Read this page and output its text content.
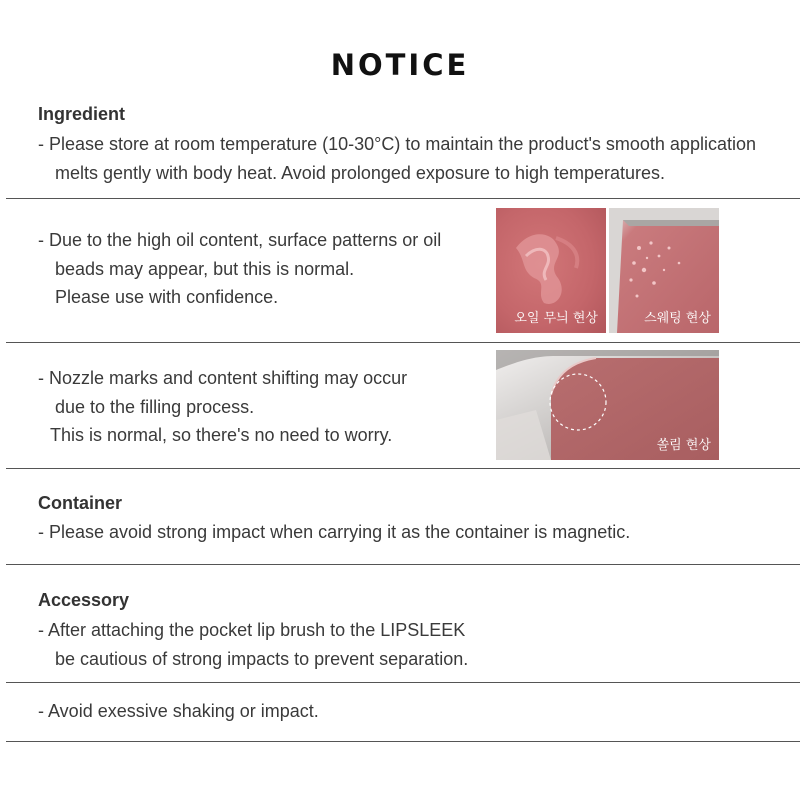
NOTICE
Ingredient
- Please store at room temperature (10-30°C) to maintain the product's smooth application
melts gently with body heat. Avoid prolonged exposure to high temperatures.
- Due to the high oil content, surface patterns or oil
beads may appear, but this is normal.
Please use with confidence.
오일 무늬 현상	스웨팅 현상
- Nozzle marks and content shifting may occur
due to the filling process.
This is normal, so there's no need to worry.
쏠림 현상
Container
- Please avoid strong impact when carrying it as the container is magnetic.
Accessory
- After attaching the pocket lip brush to the LIPSLEEK
be cautious of strong impacts to prevent separation.
- Avoid exessive shaking or impact.
